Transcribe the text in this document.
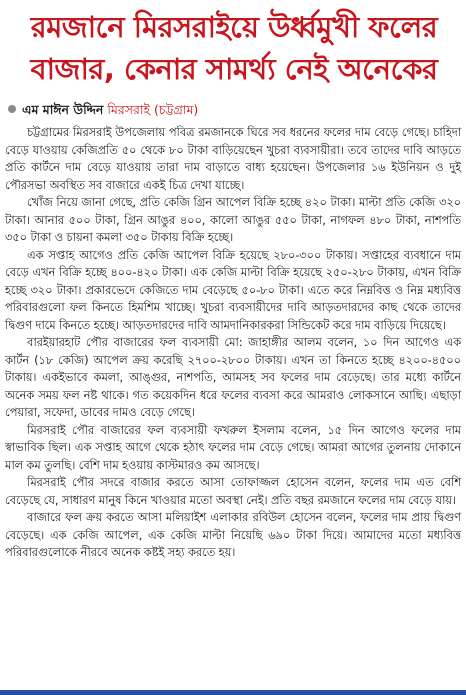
রমজানে মিরসরাইয়ে উর্ধ্বমুখী ফলের বাজার, কেনার সামর্থ্য নেই অনেকের
এম মাঈন উদ্দিন মিরসরাই (চট্টগ্রাম)

চট্টগ্রামের মিরসরাই উপজেলায় পবিত্র রমজানকে ঘিরে সব ধরনের ফলের দাম বেড়ে গেছে। চাহিদা বেড়ে যাওয়ায় কেজিপ্রতি ৫০ থেকে ৮০ টাকা বাড়িয়েছেন খুচরা ব্যবসায়ীরা। তবে তাদের দাবি আড়তে প্রতি কার্টনে দাম বেড়ে যাওয়ায় তারা দাম বাড়াতে বাধ্য হয়েছেন। উপজেলার ১৬ ইউনিয়ন ও দুই পৌরসভা অবস্থিত সব বাজারে একই চিত্র দেখা যাচ্ছে।

খোঁজ নিয়ে জানা গেছে, প্রতি কেজি গ্রিন আপেল বিক্রি হচ্ছে ৪২০ টাকা। মাল্টা প্রতি কেজি ৩২০ টাকা। আনার ৫০০ টাকা, গ্রিন আঙুর ৪০০, কালো আঙুর ৫৫০ টাকা, নাগফল ৪৮০ টাকা, নাশপতি ৩৫০ টাকা ও চায়না কমলা ৩৫০ টাকায় বিক্রি হচ্ছে।

এক সপ্তাহ আগেও প্রতি কেজি আপেল বিক্রি হয়েছে ২৮০-৩০০ টাকায়। সপ্তাহের ব্যবধানে দাম বেড়ে এখন বিক্রি হচ্ছে ৪০০-৪২০ টাকা। এক কেজি মাল্টা বিক্রি হয়েছে ২৫০-২৮০ টাকায়, এখন বিক্রি হচ্ছে ৩২০ টাকা। প্রকারভেদে কেজিতে দাম বেড়েছে ৫০-৮০ টাকা। এতে করে নিম্নবিত্ত ও নিম্ন মধ্যবিত্ত পরিবারগুলো ফল কিনতে হিমশিম খাচ্ছে। খুচরা ব্যবসায়ীদের দাবি আড়তদারদের কাছ থেকে তাদের দ্বিগুণ দামে কিনতে হচ্ছে। আড়তদারদের দাবি আমদানিকারকরা সিন্ডিকেট করে দাম বাড়িয়ে দিয়েছে।

বারইয়ারহাট পৌর বাজারের ফল ব্যবসায়ী মো: জাহাঙ্গীর আলম বলেন, ১০ দিন আগেও এক কার্টন (১৮ কেজি) আপেল ক্রয় করেছি ২৭০০-২৮০০ টাকায়। এখন তা কিনতে হচ্ছে ৪২০০-৪৫০০ টাকায়। একইভাবে কমলা, আঙ্গুর, নাশপতি, আমসহ সব ফলের দাম বেড়েছে। তার মধ্যে কার্টনে অনেক সময় ফল নষ্ট থাকে। গত কয়েকদিন ধরে ফলের ব্যবসা করে আমরাও লোকসানে আছি। এছাড়া পেয়ারা, সফেদা, ডাবের দামও বেড়ে গেছে।

মিরসরাই পৌর বাজারের ফল ব্যবসায়ী ফখরুল ইসলাম বলেন, ১৫ দিন আগেও ফলের দাম স্বাভাবিক ছিল। এক সপ্তাহ আগে থেকে হঠাৎ ফলের দাম বেড়ে গেছে। আমরা আগের তুলনায় দোকানে মাল কম তুলছি। বেশি দাম হওয়ায় কাস্টমারও কম আসছে।

মিরসরাই পৌর সদরে বাজার করতে আসা তোফাজ্জল হোসেন বলেন, ফলের দাম এত বেশি বেড়েছে যে, সাধারণ মানুষ কিনে খাওয়ার মতো অবস্থা নেই। প্রতি বছর রমজানে ফলের দাম বেড়ে যায়।

বাজারে ফল ক্রয় করতে আসা মলিয়াইশ এলাকার রবিউল হোসেন বলেন, ফলের দাম প্রায় দ্বিগুণ বেড়েছে। এক কেজি আপেল, এক কেজি মাল্টা নিয়েছি ৬৯০ টাকা দিয়ে। আমাদের মতো মধ্যবিত্ত পরিবারগুলোকে নীরবে অনেক কষ্টই সহ্য করতে হয়।
